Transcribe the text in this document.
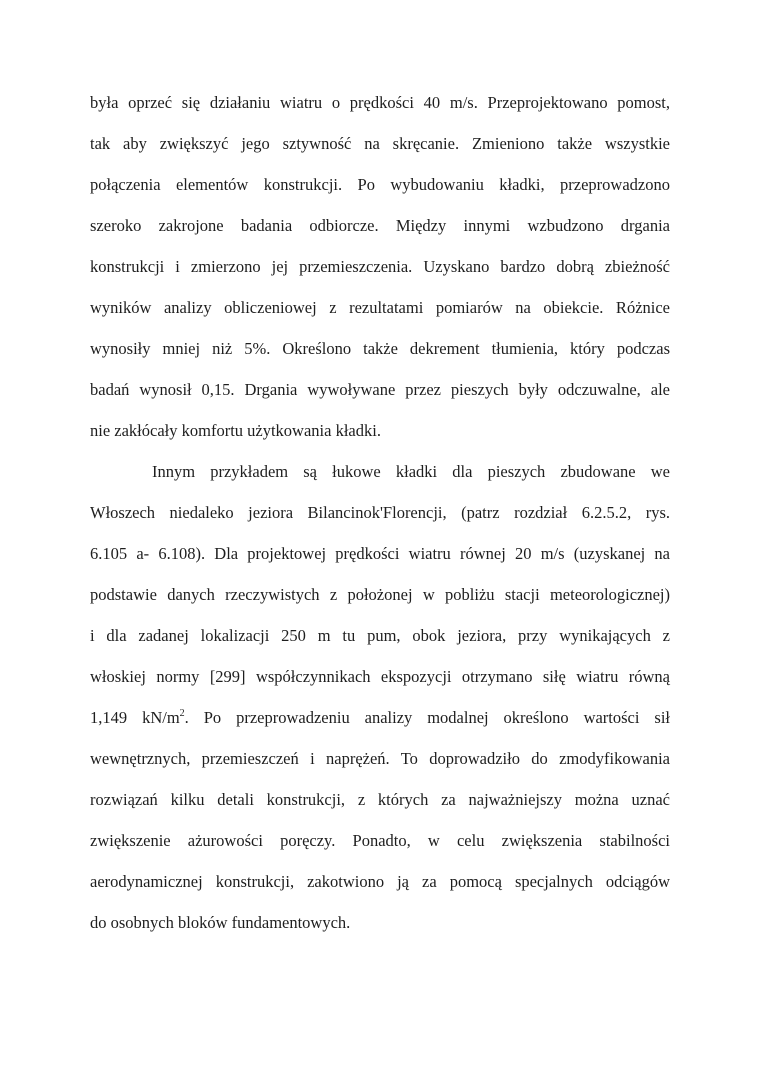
była oprzeć się działaniu wiatru o prędkości 40 m/s. Przeprojektowano pomost,
tak aby zwiększyć jego sztywność na skręcanie. Zmieniono także wszystkie
połączenia elementów konstrukcji. Po wybudowaniu kładki, przeprowadzono
szeroko zakrojone badania odbiorcze. Między innymi wzbudzono drgania
konstrukcji i zmierzono jej przemieszczenia. Uzyskano bardzo dobrą zbieżność
wyników analizy obliczeniowej z rezultatami pomiarów na obiekcie. Różnice
wynosiły mniej niż 5%. Określono także dekrement tłumienia, który podczas
badań wynosił 0,15. Drgania wywoływane przez pieszych były odczuwalne, ale
nie zakłócały komfortu użytkowania kładki.
Innym przykładem są łukowe kładki dla pieszych zbudowane we
Włoszech niedaleko jeziora Bilancinok'Florencji, (patrz rozdział 6.2.5.2, rys.
6.105 a- 6.108). Dla projektowej prędkości wiatru równej 20 m/s (uzyskanej na
podstawie danych rzeczywistych z położonej w pobliżu stacji meteorologicznej)
i dla zadanej lokalizacji 250 m tu pum, obok jeziora, przy wynikających z
włoskiej normy [299] współczynnikach ekspozycji otrzymano siłę wiatru równą
1,149 $kN/m^2$. Po przeprowadzeniu analizy modalnej określono wartości sił
wewnętrznych, przemieszczeń i naprężeń. To doprowadziło do zmodyfikowania
rozwiązań kilku detali konstrukcji, z których za najważniejszy można uznać
zwiększenie ażurowości poręczy. Ponadto, w celu zwiększenia stabilności
aerodynamicznej konstrukcji, zakotwiono ją za pomocą specjalnych odciągów
do osobnych bloków fundamentowych.
